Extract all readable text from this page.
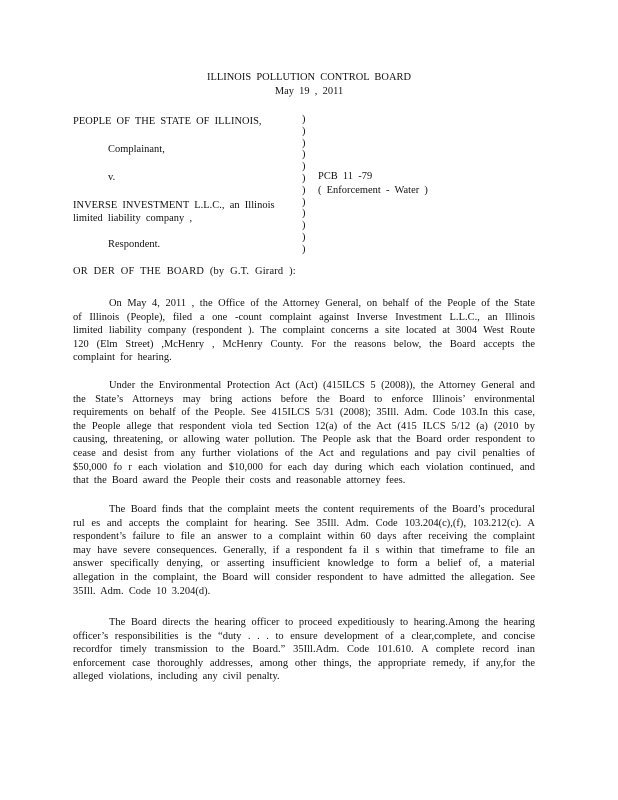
ILLINOIS POLLUTION CONTROL BOARD
May 19 , 2011
PEOPLE OF THE STATE OF ILLINOIS,
Complainant,
v.
INVERSE INVESTMENT L.L.C., an Illinois
limited liability company ,
Respondent.
)
)
)
)
)
)
)
)
)
)
)
)
PCB 11 -79
( Enforcement - Water )
OR DER OF THE BOARD (by G.T. Girard ):

On May 4, 2011 , the Office of the Attorney General, on behalf of the People of the State of Illinois (People), filed a one -count complaint against Inverse Investment L.L.C., an Illinois limited liability company (respondent ). The complaint concerns a site located at 3004 West Route 120 (Elm Street) ,McHenry , McHenry County. For the reasons below, the Board accepts the complaint for hearing.

Under the Environmental Protection Act (Act) (415ILCS 5 (2008)), the Attorney General and the State’s Attorneys may bring actions before the Board to enforce Illinois’ environmental requirements on behalf of the People. See 415ILCS 5/31 (2008); 35Ill. Adm. Code 103.In this case, the People allege that respondent viola ted Section 12(a) of the Act (415 ILCS 5/12 (a) (2010 by causing, threatening, or allowing water pollution. The People ask that the Board order respondent to cease and desist from any further violations of the Act and regulations and pay civil penalties of $50,000 fo r each violation and $10,000 for each day during which each violation continued, and that the Board award the People their costs and reasonable attorney fees.

The Board finds that the complaint meets the content requirements of the Board’s procedural rul es and accepts the complaint for hearing. See 35Ill. Adm. Code 103.204(c),(f), 103.212(c). A respondent’s failure to file an answer to a complaint within 60 days after receiving the complaint may have severe consequences. Generally, if a respondent fa il s within that timeframe to file an answer specifically denying, or asserting insufficient knowledge to form a belief of, a material allegation in the complaint, the Board will consider respondent to have admitted the allegation. See 35Ill. Adm. Code 10 3.204(d).

The Board directs the hearing officer to proceed expeditiously to hearing.Among the hearing officer’s responsibilities is the “duty . . . to ensure development of a clear,complete, and concise recordfor timely transmission to the Board.” 35Ill.Adm. Code 101.610. A complete record inan enforcement case thoroughly addresses, among other things, the appropriate remedy, if any,for the alleged violations, including any civil penalty.
